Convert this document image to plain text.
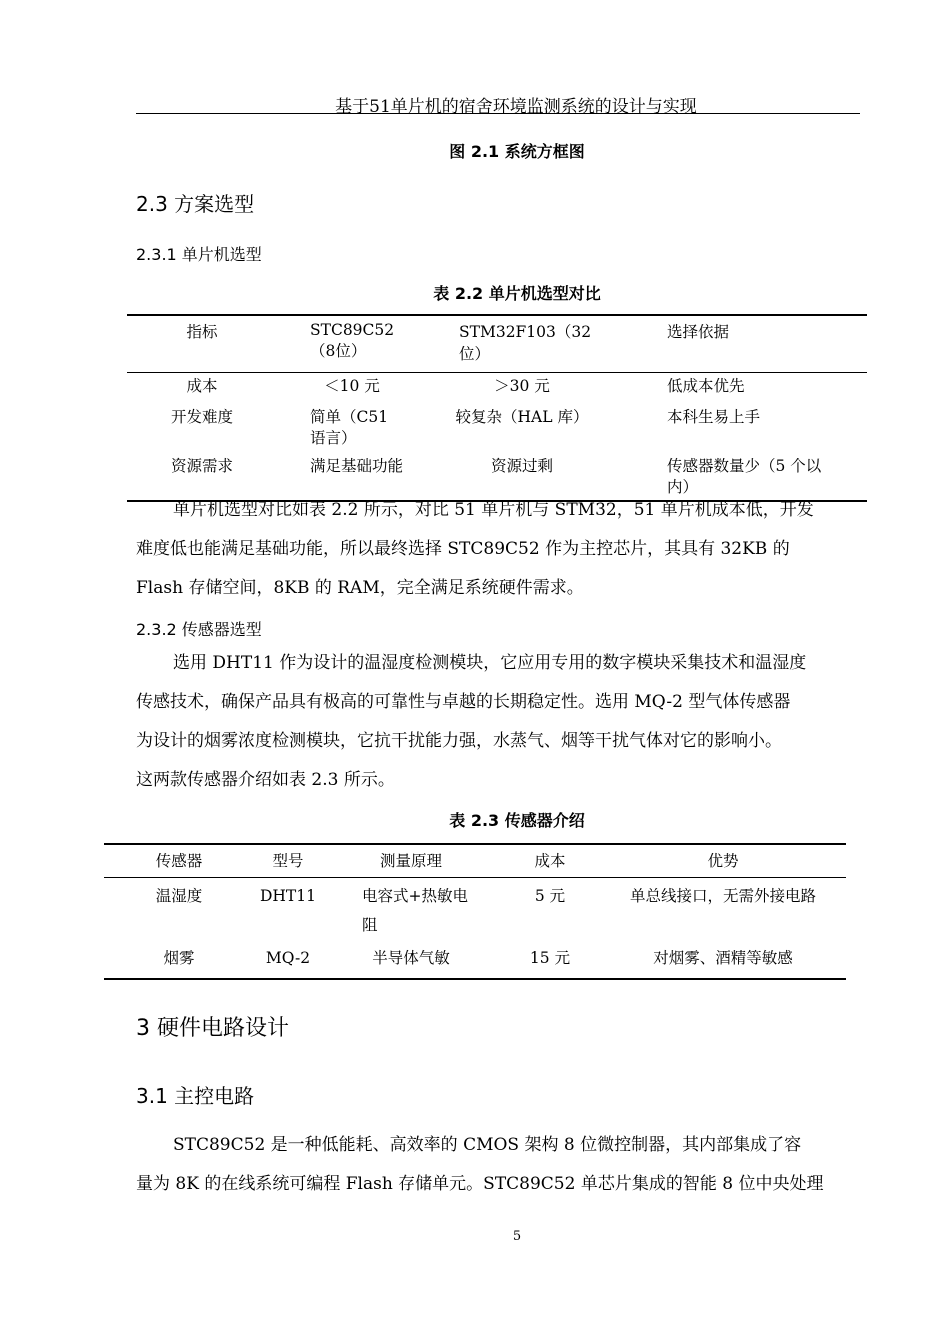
基于51单片机的宿舍环境监测系统的设计与实现
图 2.1 系统方框图
2.3 方案选型
2.3.1 单片机选型
表 2.2 单片机选型对比
指标	STC89C52（8位）	STM32F103（32 位）	选择依据
成本	＜10 元	＞30 元	低成本优先
开发难度	简单（C51 语言）	较复杂（HAL 库）	本科生易上手
资源需求	满足基础功能	资源过剩	传感器数量少（5 个以内）
单片机选型对比如表 2.2 所示，对比 51 单片机与 STM32，51 单片机成本低，开发
难度低也能满足基础功能，所以最终选择 STC89C52 作为主控芯片，其具有 32KB 的
Flash 存储空间，8KB 的 RAM，完全满足系统硬件需求。
2.3.2 传感器选型
选用 DHT11 作为设计的温湿度检测模块，它应用专用的数字模块采集技术和温湿度
传感技术，确保产品具有极高的可靠性与卓越的长期稳定性。选用 MQ-2 型气体传感器
为设计的烟雾浓度检测模块，它抗干扰能力强，水蒸气、烟等干扰气体对它的影响小。
这两款传感器介绍如表 2.3 所示。
表 2.3 传感器介绍
传感器	型号	测量原理	成本	优势
温湿度	DHT11	电容式+热敏电阻	5 元	单总线接口，无需外接电路
烟雾	MQ-2	半导体气敏	15 元	对烟雾、酒精等敏感
3 硬件电路设计
3.1 主控电路
STC89C52 是一种低能耗、高效率的 CMOS 架构 8 位微控制器，其内部集成了容
量为 8K 的在线系统可编程 Flash 存储单元。STC89C52 单芯片集成的智能 8 位中央处理
5
